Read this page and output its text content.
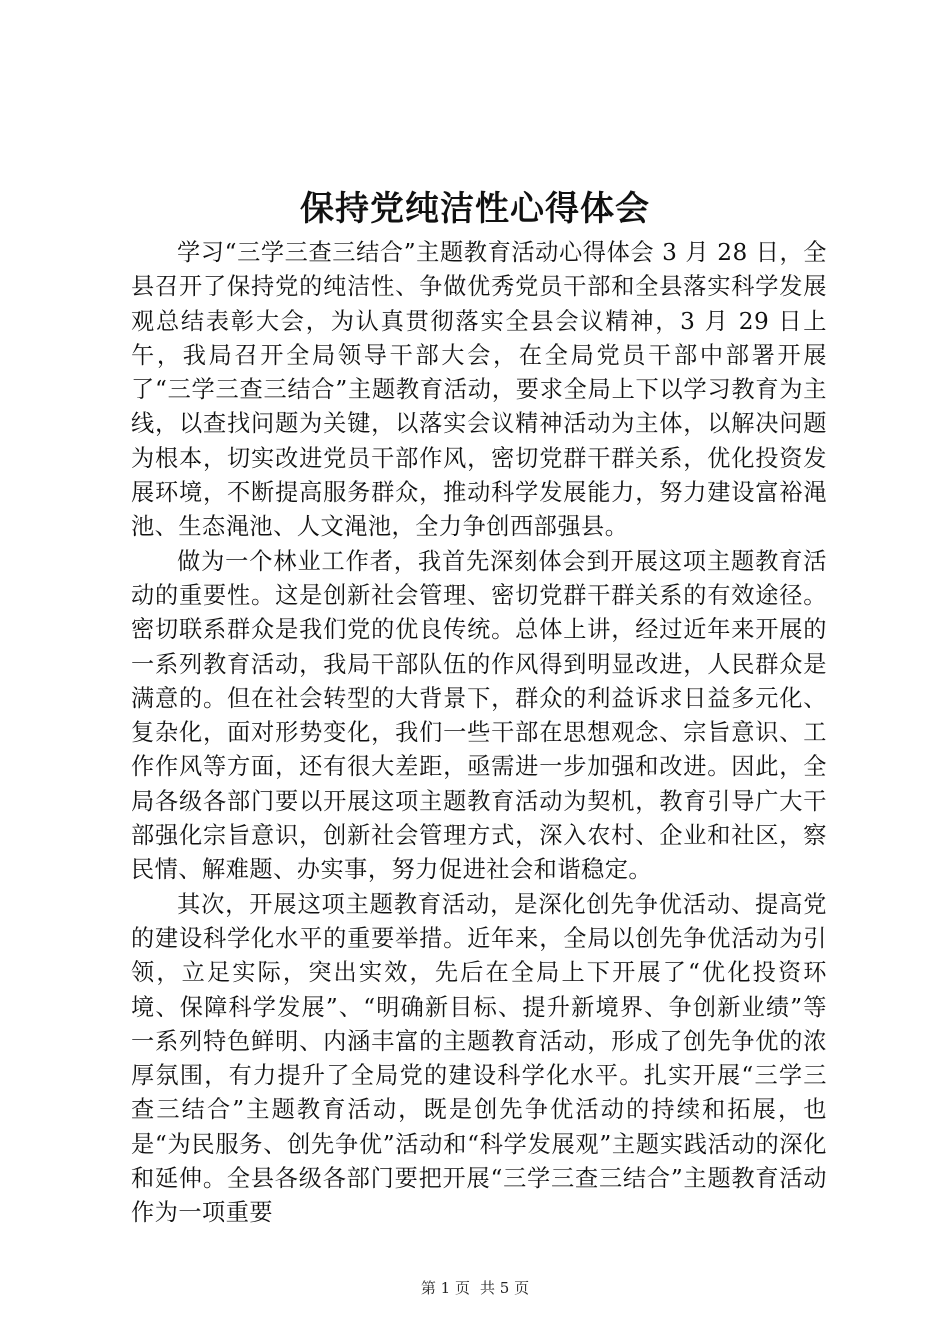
保持党纯洁性心得体会

学习“三学三查三结合”主题教育活动心得体会 3 月 28 日，全县召开了保持党的纯洁性、争做优秀党员干部和全县落实科学发展观总结表彰大会，为认真贯彻落实全县会议精神，3 月 29 日上午，我局召开全局领导干部大会，在全局党员干部中部署开展了“三学三查三结合”主题教育活动，要求全局上下以学习教育为主线，以查找问题为关键，以落实会议精神活动为主体，以解决问题为根本，切实改进党员干部作风，密切党群干群关系，优化投资发展环境，不断提高服务群众，推动科学发展能力，努力建设富裕渑池、生态渑池、人文渑池，全力争创西部强县。

做为一个林业工作者，我首先深刻体会到开展这项主题教育活动的重要性。这是创新社会管理、密切党群干群关系的有效途径。密切联系群众是我们党的优良传统。总体上讲，经过近年来开展的一系列教育活动，我局干部队伍的作风得到明显改进，人民群众是满意的。但在社会转型的大背景下，群众的利益诉求日益多元化、复杂化，面对形势变化，我们一些干部在思想观念、宗旨意识、工作作风等方面，还有很大差距，亟需进一步加强和改进。因此，全局各级各部门要以开展这项主题教育活动为契机，教育引导广大干部强化宗旨意识，创新社会管理方式，深入农村、企业和社区，察民情、解难题、办实事，努力促进社会和谐稳定。

其次，开展这项主题教育活动，是深化创先争优活动、提高党的建设科学化水平的重要举措。近年来，全局以创先争优活动为引领，立足实际，突出实效，先后在全局上下开展了“优化投资环境、保障科学发展”、“明确新目标、提升新境界、争创新业绩”等一系列特色鲜明、内涵丰富的主题教育活动，形成了创先争优的浓厚氛围，有力提升了全局党的建设科学化水平。扎实开展“三学三查三结合”主题教育活动，既是创先争优活动的持续和拓展，也是“为民服务、创先争优”活动和“科学发展观”主题实践活动的深化和延伸。全县各级各部门要把开展“三学三查三结合”主题教育活动作为一项重要

第 1 页 共 5 页
